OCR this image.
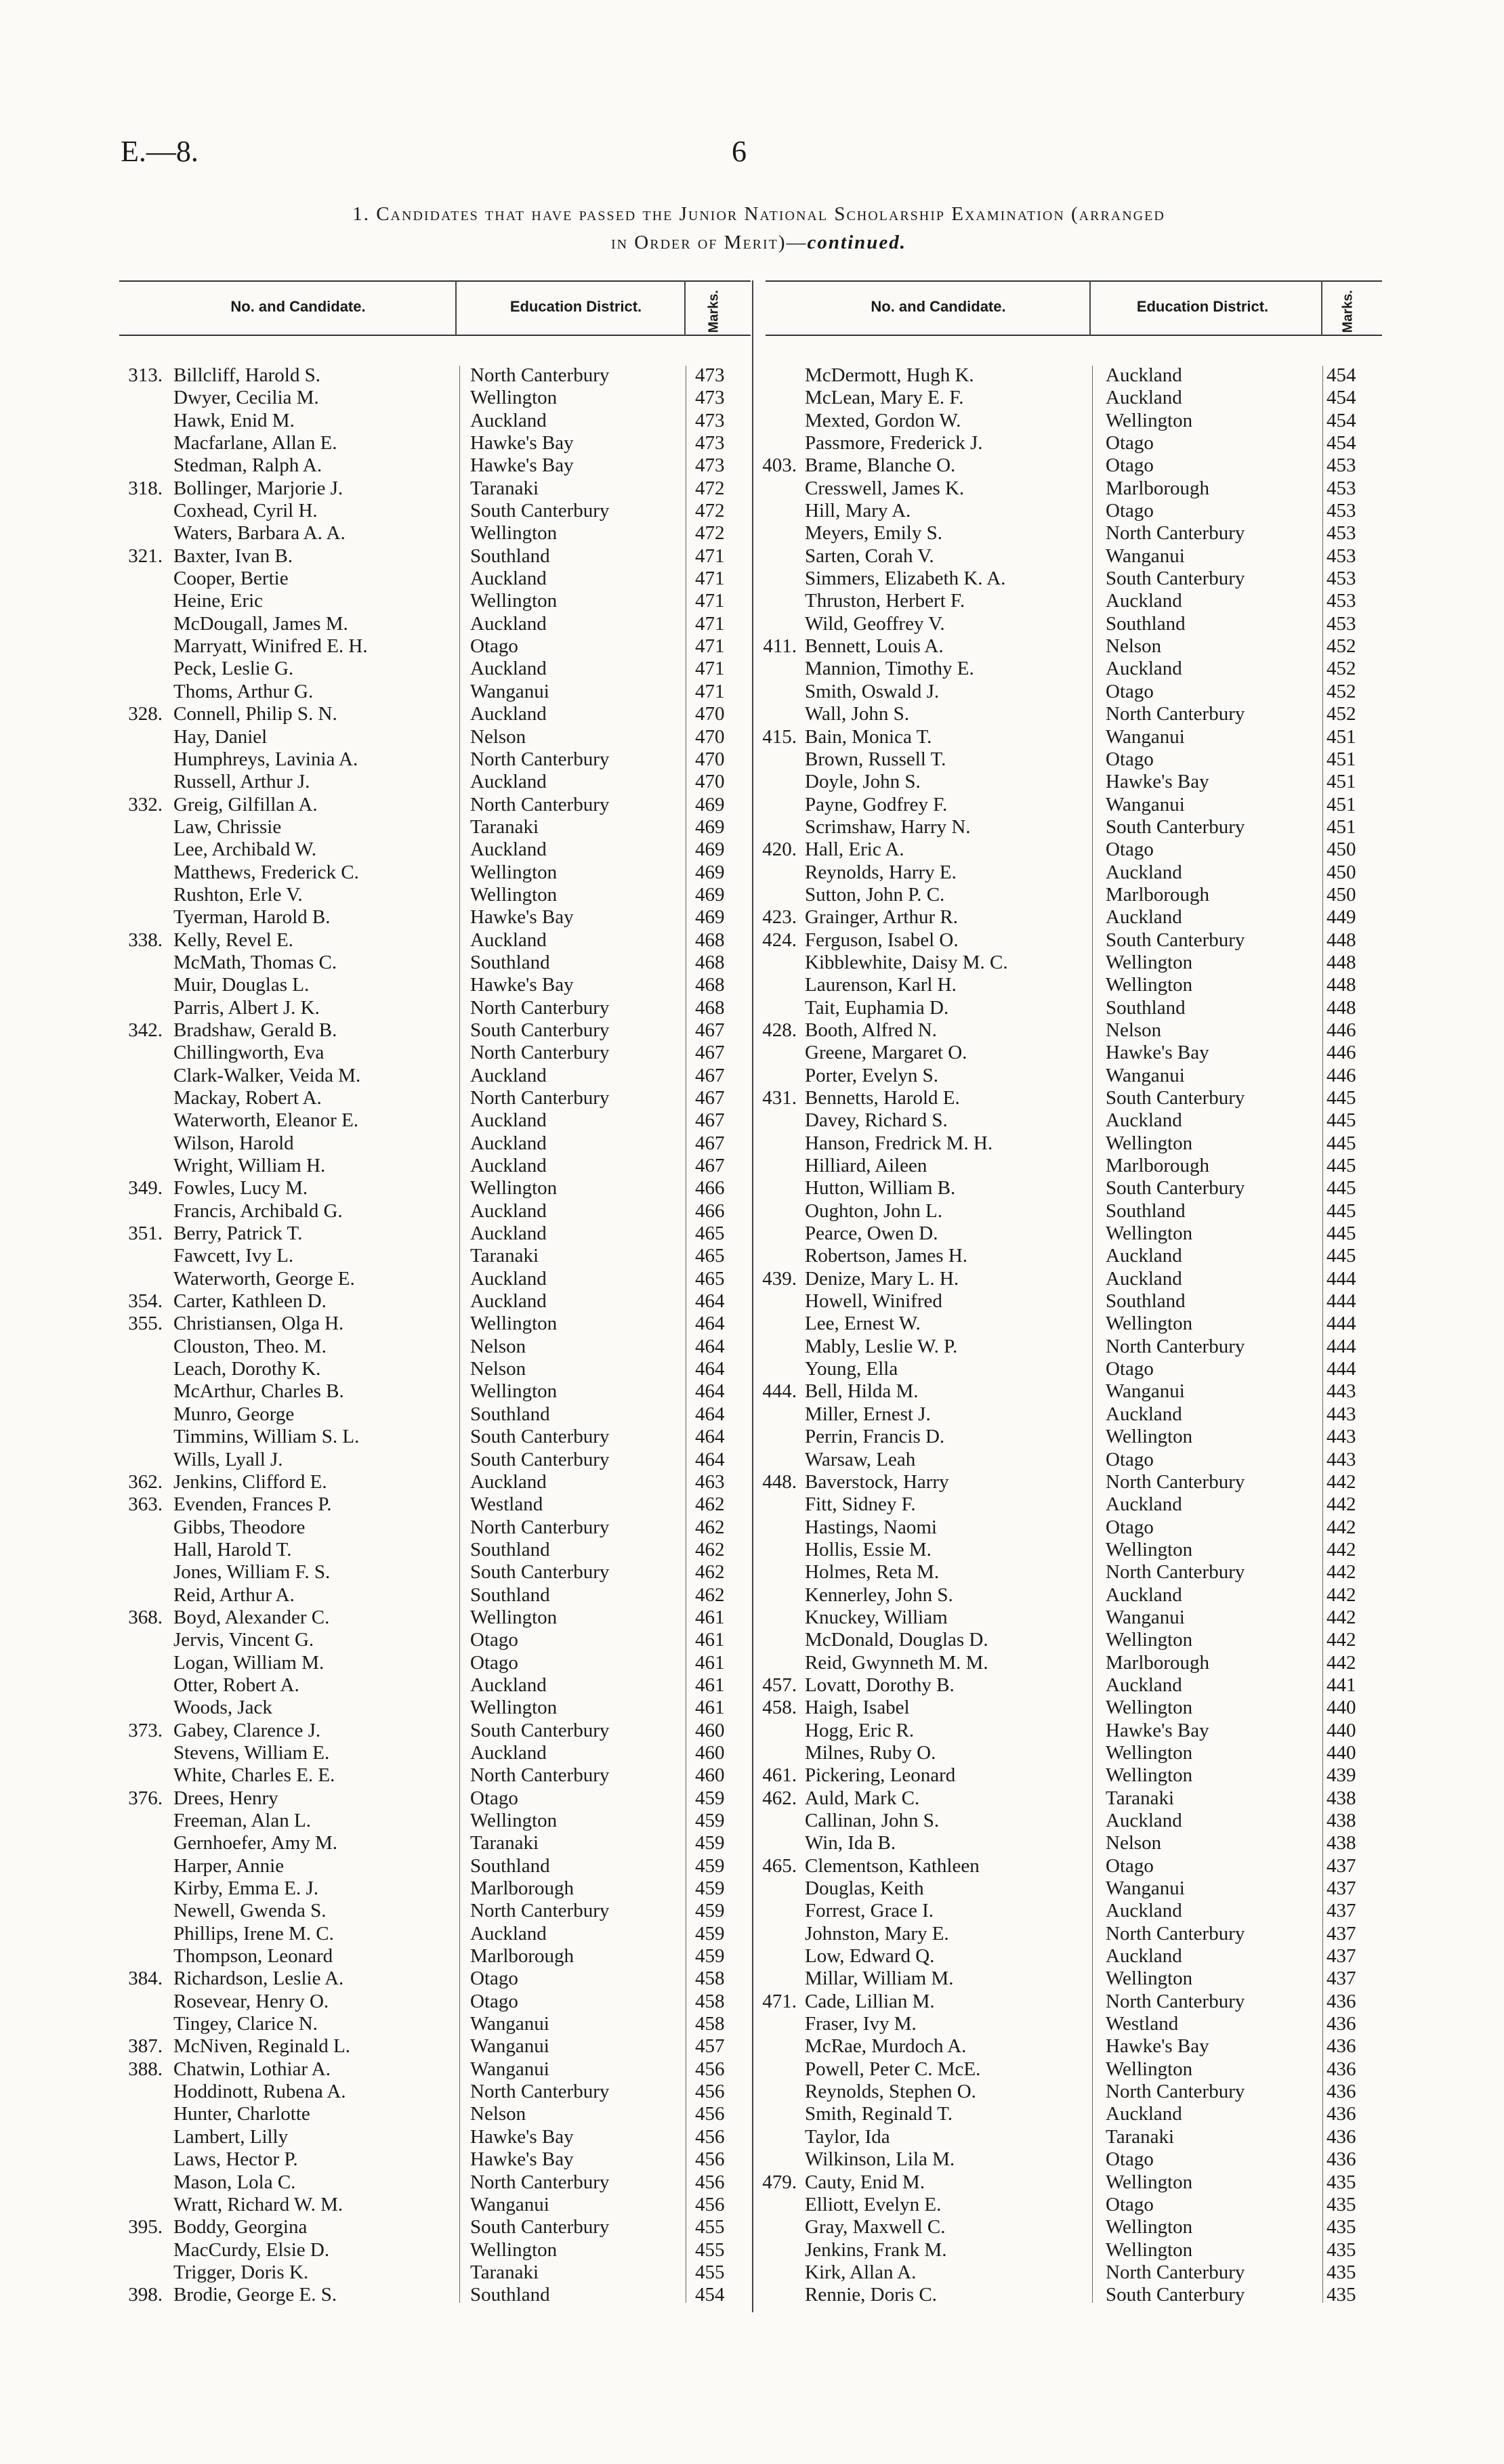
E.—8.	6
1. Candidates that have passed the Junior National Scholarship Examination (arranged
in Order of Merit)—continued.
No. and Candidate.	Education District.	Marks.	No. and Candidate.	Education District.	Marks.
313. Billcliff, Harold S.	North Canterbury	473
Dwyer, Cecilia M.	Wellington	473
Hawk, Enid M.	Auckland	473
Macfarlane, Allan E.	Hawke's Bay	473
Stedman, Ralph A.	Hawke's Bay	473
318. Bollinger, Marjorie J.	Taranaki	472
Coxhead, Cyril H.	South Canterbury	472
Waters, Barbara A. A.	Wellington	472
321. Baxter, Ivan B.	Southland	471
Cooper, Bertie	Auckland	471
Heine, Eric	Wellington	471
McDougall, James M.	Auckland	471
Marryatt, Winifred E. H.	Otago	471
Peck, Leslie G.	Auckland	471
Thoms, Arthur G.	Wanganui	471
328. Connell, Philip S. N.	Auckland	470
Hay, Daniel	Nelson	470
Humphreys, Lavinia A.	North Canterbury	470
Russell, Arthur J.	Auckland	470
332. Greig, Gilfillan A.	North Canterbury	469
Law, Chrissie	Taranaki	469
Lee, Archibald W.	Auckland	469
Matthews, Frederick C.	Wellington	469
Rushton, Erle V.	Wellington	469
Tyerman, Harold B.	Hawke's Bay	469
338. Kelly, Revel E.	Auckland	468
McMath, Thomas C.	Southland	468
Muir, Douglas L.	Hawke's Bay	468
Parris, Albert J. K.	North Canterbury	468
342. Bradshaw, Gerald B.	South Canterbury	467
Chillingworth, Eva	North Canterbury	467
Clark-Walker, Veida M.	Auckland	467
Mackay, Robert A.	North Canterbury	467
Waterworth, Eleanor E.	Auckland	467
Wilson, Harold	Auckland	467
Wright, William H.	Auckland	467
349. Fowles, Lucy M.	Wellington	466
Francis, Archibald G.	Auckland	466
351. Berry, Patrick T.	Auckland	465
Fawcett, Ivy L.	Taranaki	465
Waterworth, George E.	Auckland	465
354. Carter, Kathleen D.	Auckland	464
355. Christiansen, Olga H.	Wellington	464
Clouston, Theo. M.	Nelson	464
Leach, Dorothy K.	Nelson	464
McArthur, Charles B.	Wellington	464
Munro, George	Southland	464
Timmins, William S. L.	South Canterbury	464
Wills, Lyall J.	South Canterbury	464
362. Jenkins, Clifford E.	Auckland	463
363. Evenden, Frances P.	Westland	462
Gibbs, Theodore	North Canterbury	462
Hall, Harold T.	Southland	462
Jones, William F. S.	South Canterbury	462
Reid, Arthur A.	Southland	462
368. Boyd, Alexander C.	Wellington	461
Jervis, Vincent G.	Otago	461
Logan, William M.	Otago	461
Otter, Robert A.	Auckland	461
Woods, Jack	Wellington	461
373. Gabey, Clarence J.	South Canterbury	460
Stevens, William E.	Auckland	460
White, Charles E. E.	North Canterbury	460
376. Drees, Henry	Otago	459
Freeman, Alan L.	Wellington	459
Gernhoefer, Amy M.	Taranaki	459
Harper, Annie	Southland	459
Kirby, Emma E. J.	Marlborough	459
Newell, Gwenda S.	North Canterbury	459
Phillips, Irene M. C.	Auckland	459
Thompson, Leonard	Marlborough	459
384. Richardson, Leslie A.	Otago	458
Rosevear, Henry O.	Otago	458
Tingey, Clarice N.	Wanganui	458
387. McNiven, Reginald L.	Wanganui	457
388. Chatwin, Lothiar A.	Wanganui	456
Hoddinott, Rubena A.	North Canterbury	456
Hunter, Charlotte	Nelson	456
Lambert, Lilly	Hawke's Bay	456
Laws, Hector P.	Hawke's Bay	456
Mason, Lola C.	North Canterbury	456
Wratt, Richard W. M.	Wanganui	456
395. Boddy, Georgina	South Canterbury	455
MacCurdy, Elsie D.	Wellington	455
Trigger, Doris K.	Taranaki	455
398. Brodie, George E. S.	Southland	454
McDermott, Hugh K.	Auckland	454
McLean, Mary E. F.	Auckland	454
Mexted, Gordon W.	Wellington	454
Passmore, Frederick J.	Otago	454
403. Brame, Blanche O.	Otago	453
Cresswell, James K.	Marlborough	453
Hill, Mary A.	Otago	453
Meyers, Emily S.	North Canterbury	453
Sarten, Corah V.	Wanganui	453
Simmers, Elizabeth K. A.	South Canterbury	453
Thruston, Herbert F.	Auckland	453
Wild, Geoffrey V.	Southland	453
411. Bennett, Louis A.	Nelson	452
Mannion, Timothy E.	Auckland	452
Smith, Oswald J.	Otago	452
Wall, John S.	North Canterbury	452
415. Bain, Monica T.	Wanganui	451
Brown, Russell T.	Otago	451
Doyle, John S.	Hawke's Bay	451
Payne, Godfrey F.	Wanganui	451
Scrimshaw, Harry N.	South Canterbury	451
420. Hall, Eric A.	Otago	450
Reynolds, Harry E.	Auckland	450
Sutton, John P. C.	Marlborough	450
423. Grainger, Arthur R.	Auckland	449
424. Ferguson, Isabel O.	South Canterbury	448
Kibblewhite, Daisy M. C.	Wellington	448
Laurenson, Karl H.	Wellington	448
Tait, Euphamia D.	Southland	448
428. Booth, Alfred N.	Nelson	446
Greene, Margaret O.	Hawke's Bay	446
Porter, Evelyn S.	Wanganui	446
431. Bennetts, Harold E.	South Canterbury	445
Davey, Richard S.	Auckland	445
Hanson, Fredrick M. H.	Wellington	445
Hilliard, Aileen	Marlborough	445
Hutton, William B.	South Canterbury	445
Oughton, John L.	Southland	445
Pearce, Owen D.	Wellington	445
Robertson, James H.	Auckland	445
439. Denize, Mary L. H.	Auckland	444
Howell, Winifred	Southland	444
Lee, Ernest W.	Wellington	444
Mably, Leslie W. P.	North Canterbury	444
Young, Ella	Otago	444
444. Bell, Hilda M.	Wanganui	443
Miller, Ernest J.	Auckland	443
Perrin, Francis D.	Wellington	443
Warsaw, Leah	Otago	443
448. Baverstock, Harry	North Canterbury	442
Fitt, Sidney F.	Auckland	442
Hastings, Naomi	Otago	442
Hollis, Essie M.	Wellington	442
Holmes, Reta M.	North Canterbury	442
Kennerley, John S.	Auckland	442
Knuckey, William	Wanganui	442
McDonald, Douglas D.	Wellington	442
Reid, Gwynneth M. M.	Marlborough	442
457. Lovatt, Dorothy B.	Auckland	441
458. Haigh, Isabel	Wellington	440
Hogg, Eric R.	Hawke's Bay	440
Milnes, Ruby O.	Wellington	440
461. Pickering, Leonard	Wellington	439
462. Auld, Mark C.	Taranaki	438
Callinan, John S.	Auckland	438
Win, Ida B.	Nelson	438
465. Clementson, Kathleen	Otago	437
Douglas, Keith	Wanganui	437
Forrest, Grace I.	Auckland	437
Johnston, Mary E.	North Canterbury	437
Low, Edward Q.	Auckland	437
Millar, William M.	Wellington	437
471. Cade, Lillian M.	North Canterbury	436
Fraser, Ivy M.	Westland	436
McRae, Murdoch A.	Hawke's Bay	436
Powell, Peter C. McE.	Wellington	436
Reynolds, Stephen O.	North Canterbury	436
Smith, Reginald T.	Auckland	436
Taylor, Ida	Taranaki	436
Wilkinson, Lila M.	Otago	436
479. Cauty, Enid M.	Wellington	435
Elliott, Evelyn E.	Otago	435
Gray, Maxwell C.	Wellington	435
Jenkins, Frank M.	Wellington	435
Kirk, Allan A.	North Canterbury	435
Rennie, Doris C.	South Canterbury	435
